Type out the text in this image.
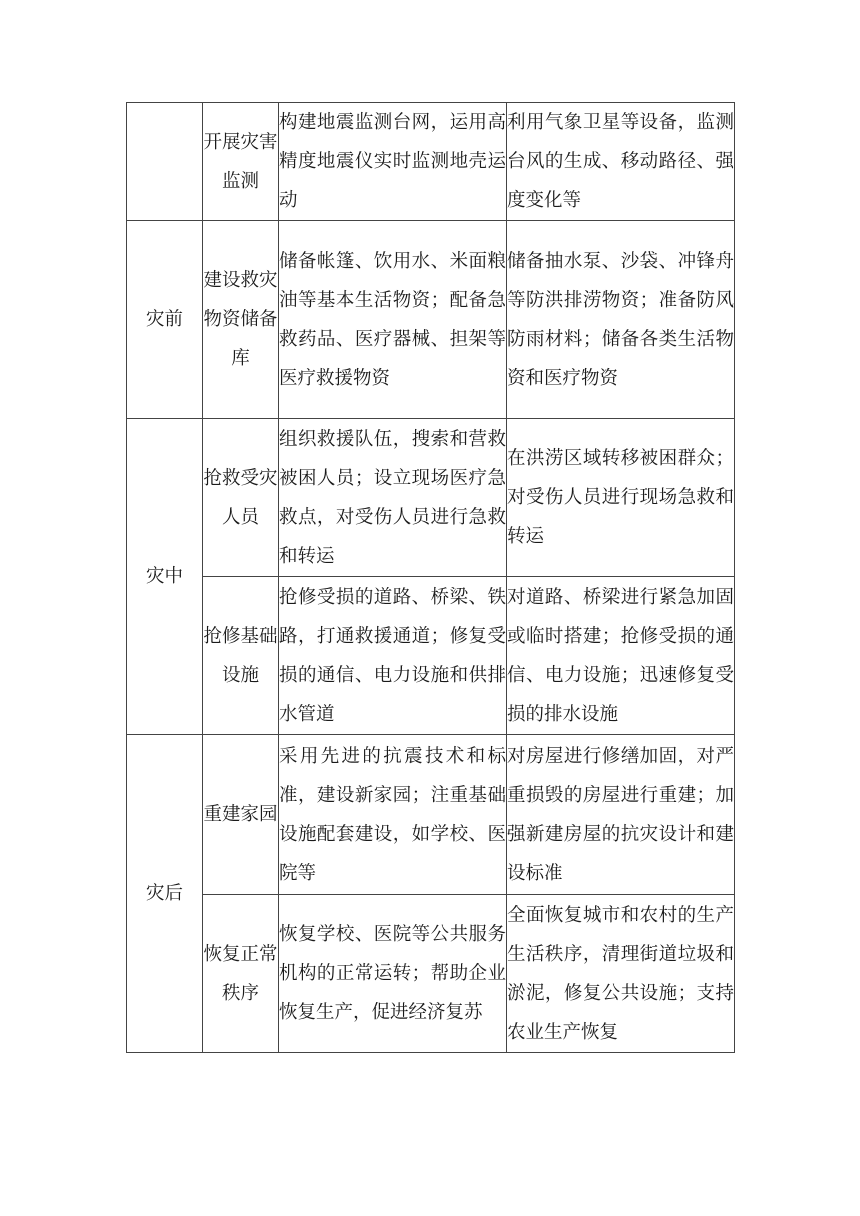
	开展灾害监测	构建地震监测台网，运用高精度地震仪实时监测地壳运动	利用气象卫星等设备，监测台风的生成、移动路径、强度变化等

灾前	建设救灾物资储备库	储备帐篷、饮用水、米面粮油等基本生活物资；配备急救药品、医疗器械、担架等医疗救援物资	储备抽水泵、沙袋、冲锋舟等防洪排涝物资；准备防风防雨材料；储备各类生活物资和医疗物资

灾中	抢救受灾人员	组织救援队伍，搜索和营救被困人员；设立现场医疗急救点，对受伤人员进行急救和转运	在洪涝区域转移被困群众；对受伤人员进行现场急救和转运

	抢修基础设施	抢修受损的道路、桥梁、铁路，打通救援通道；修复受损的通信、电力设施和供排水管道	对道路、桥梁进行紧急加固或临时搭建；抢修受损的通信、电力设施；迅速修复受损的排水设施

灾后	重建家园	采用先进的抗震技术和标准，建设新家园；注重基础设施配套建设，如学校、医院等	对房屋进行修缮加固，对严重损毁的房屋进行重建；加强新建房屋的抗灾设计和建设标准

	恢复正常秩序	恢复学校、医院等公共服务机构的正常运转；帮助企业恢复生产，促进经济复苏	全面恢复城市和农村的生产生活秩序，清理街道垃圾和淤泥，修复公共设施；支持农业生产恢复
